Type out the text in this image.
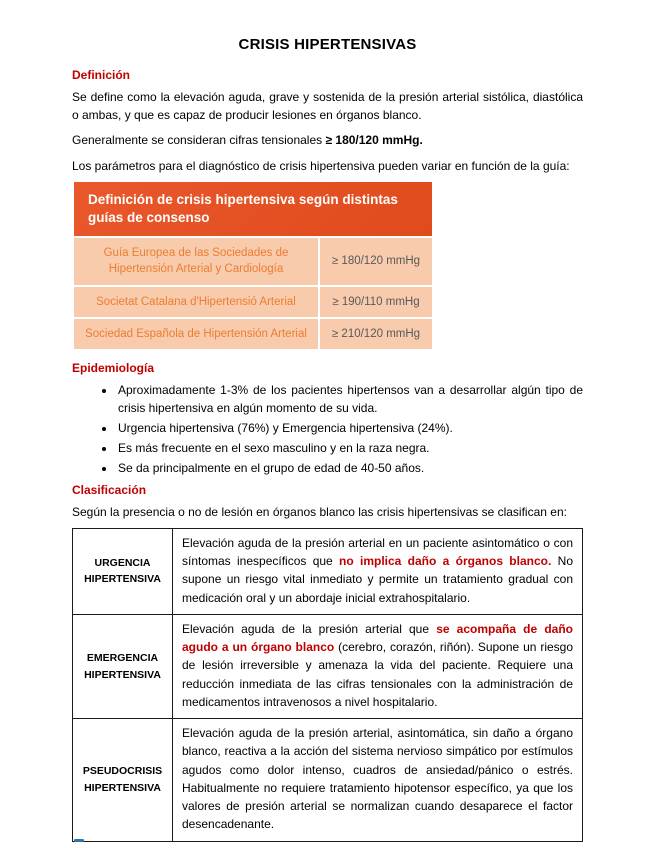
CRISIS HIPERTENSIVAS
Definición

Se define como la elevación aguda, grave y sostenida de la presión arterial sistólica, diastólica o ambas, y que es capaz de producir lesiones en órganos blanco.

Generalmente se consideran cifras tensionales ≥ 180/120 mmHg.

Los parámetros para el diagnóstico de crisis hipertensiva pueden variar en función de la guía:

Definición de crisis hipertensiva según distintas guías de consenso
Guía Europea de las Sociedades de Hipertensión Arterial y Cardiología
≥ 180/120 mmHg
Societat Catalana d'Hipertensió Arterial	≥ 190/110 mmHg
Sociedad Española de Hipertensión Arterial	≥ 210/120 mmHg
Epidemiología
• Aproximadamente 1-3% de los pacientes hipertensos van a desarrollar algún tipo de crisis hipertensiva en algún momento de su vida.
• Urgencia hipertensiva (76%) y Emergencia hipertensiva (24%).
• Es más frecuente en el sexo masculino y en la raza negra.
• Se da principalmente en el grupo de edad de 40-50 años.
Clasificación

Según la presencia o no de lesión en órganos blanco las crisis hipertensivas se clasifican en:

URGENCIA HIPERTENSIVA
Elevación aguda de la presión arterial en un paciente asintomático o con síntomas inespecíficos que no implica daño a órganos blanco. No supone un riesgo vital inmediato y permite un tratamiento gradual con medicación oral y un abordaje inicial extrahospitalario.
EMERGENCIA HIPERTENSIVA
Elevación aguda de la presión arterial que se acompaña de daño agudo a un órgano blanco (cerebro, corazón, riñón). Supone un riesgo de lesión irreversible y amenaza la vida del paciente. Requiere una reducción inmediata de las cifras tensionales con la administración de medicamentos intravenosos a nivel hospitalario.
PSEUDOCRISIS HIPERTENSIVA
Elevación aguda de la presión arterial, asintomática, sin daño a órgano blanco, reactiva a la acción del sistema nervioso simpático por estímulos agudos como dolor intenso, cuadros de ansiedad/pánico o estrés. Habitualmente no requiere tratamiento hipotensor específico, ya que los valores de presión arterial se normalizan cuando desaparece el factor desencadenante.
